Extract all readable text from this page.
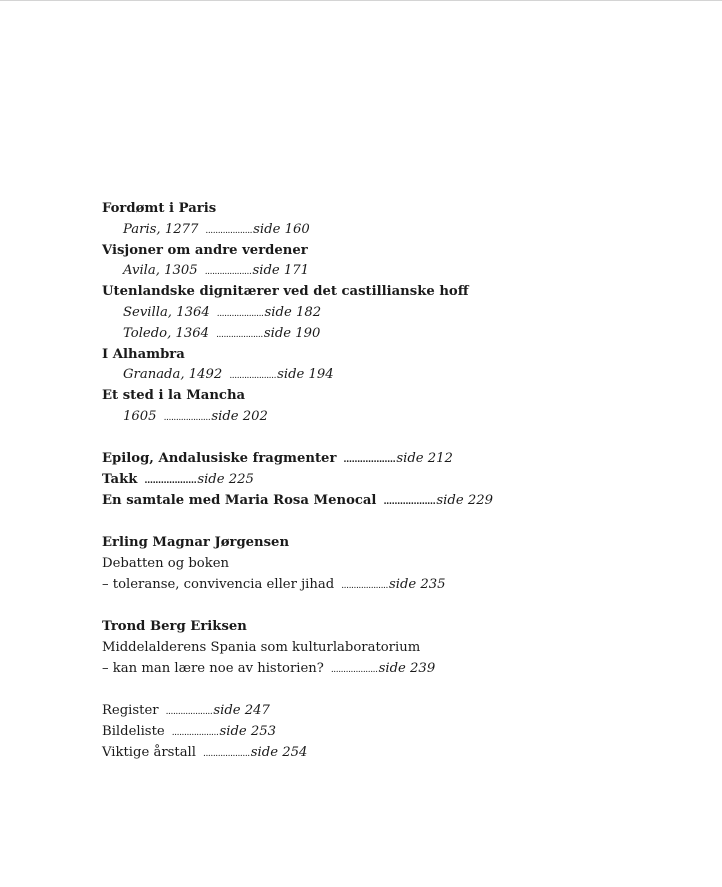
Fordømt i Paris
Paris, 1277 ...................side 160
Visjoner om andre verdener
Avila, 1305 ...................side 171
Utenlandske dignitærer ved det castillianske hoff
Sevilla, 1364 ...................side 182
Toledo, 1364 ...................side 190
I Alhambra
Granada, 1492 ...................side 194
Et sted i la Mancha
1605 ...................side 202
Epilog, Andalusiske fragmenter ...................side 212
Takk ...................side 225
En samtale med Maria Rosa Menocal ...................side 229
Erling Magnar Jørgensen
Debatten og boken
– toleranse, convivencia eller jihad ...................side 235
Trond Berg Eriksen
Middelalderens Spania som kulturlaboratorium
– kan man lære noe av historien? ...................side 239
Register ...................side 247
Bildeliste ...................side 253
Viktige årstall ...................side 254
